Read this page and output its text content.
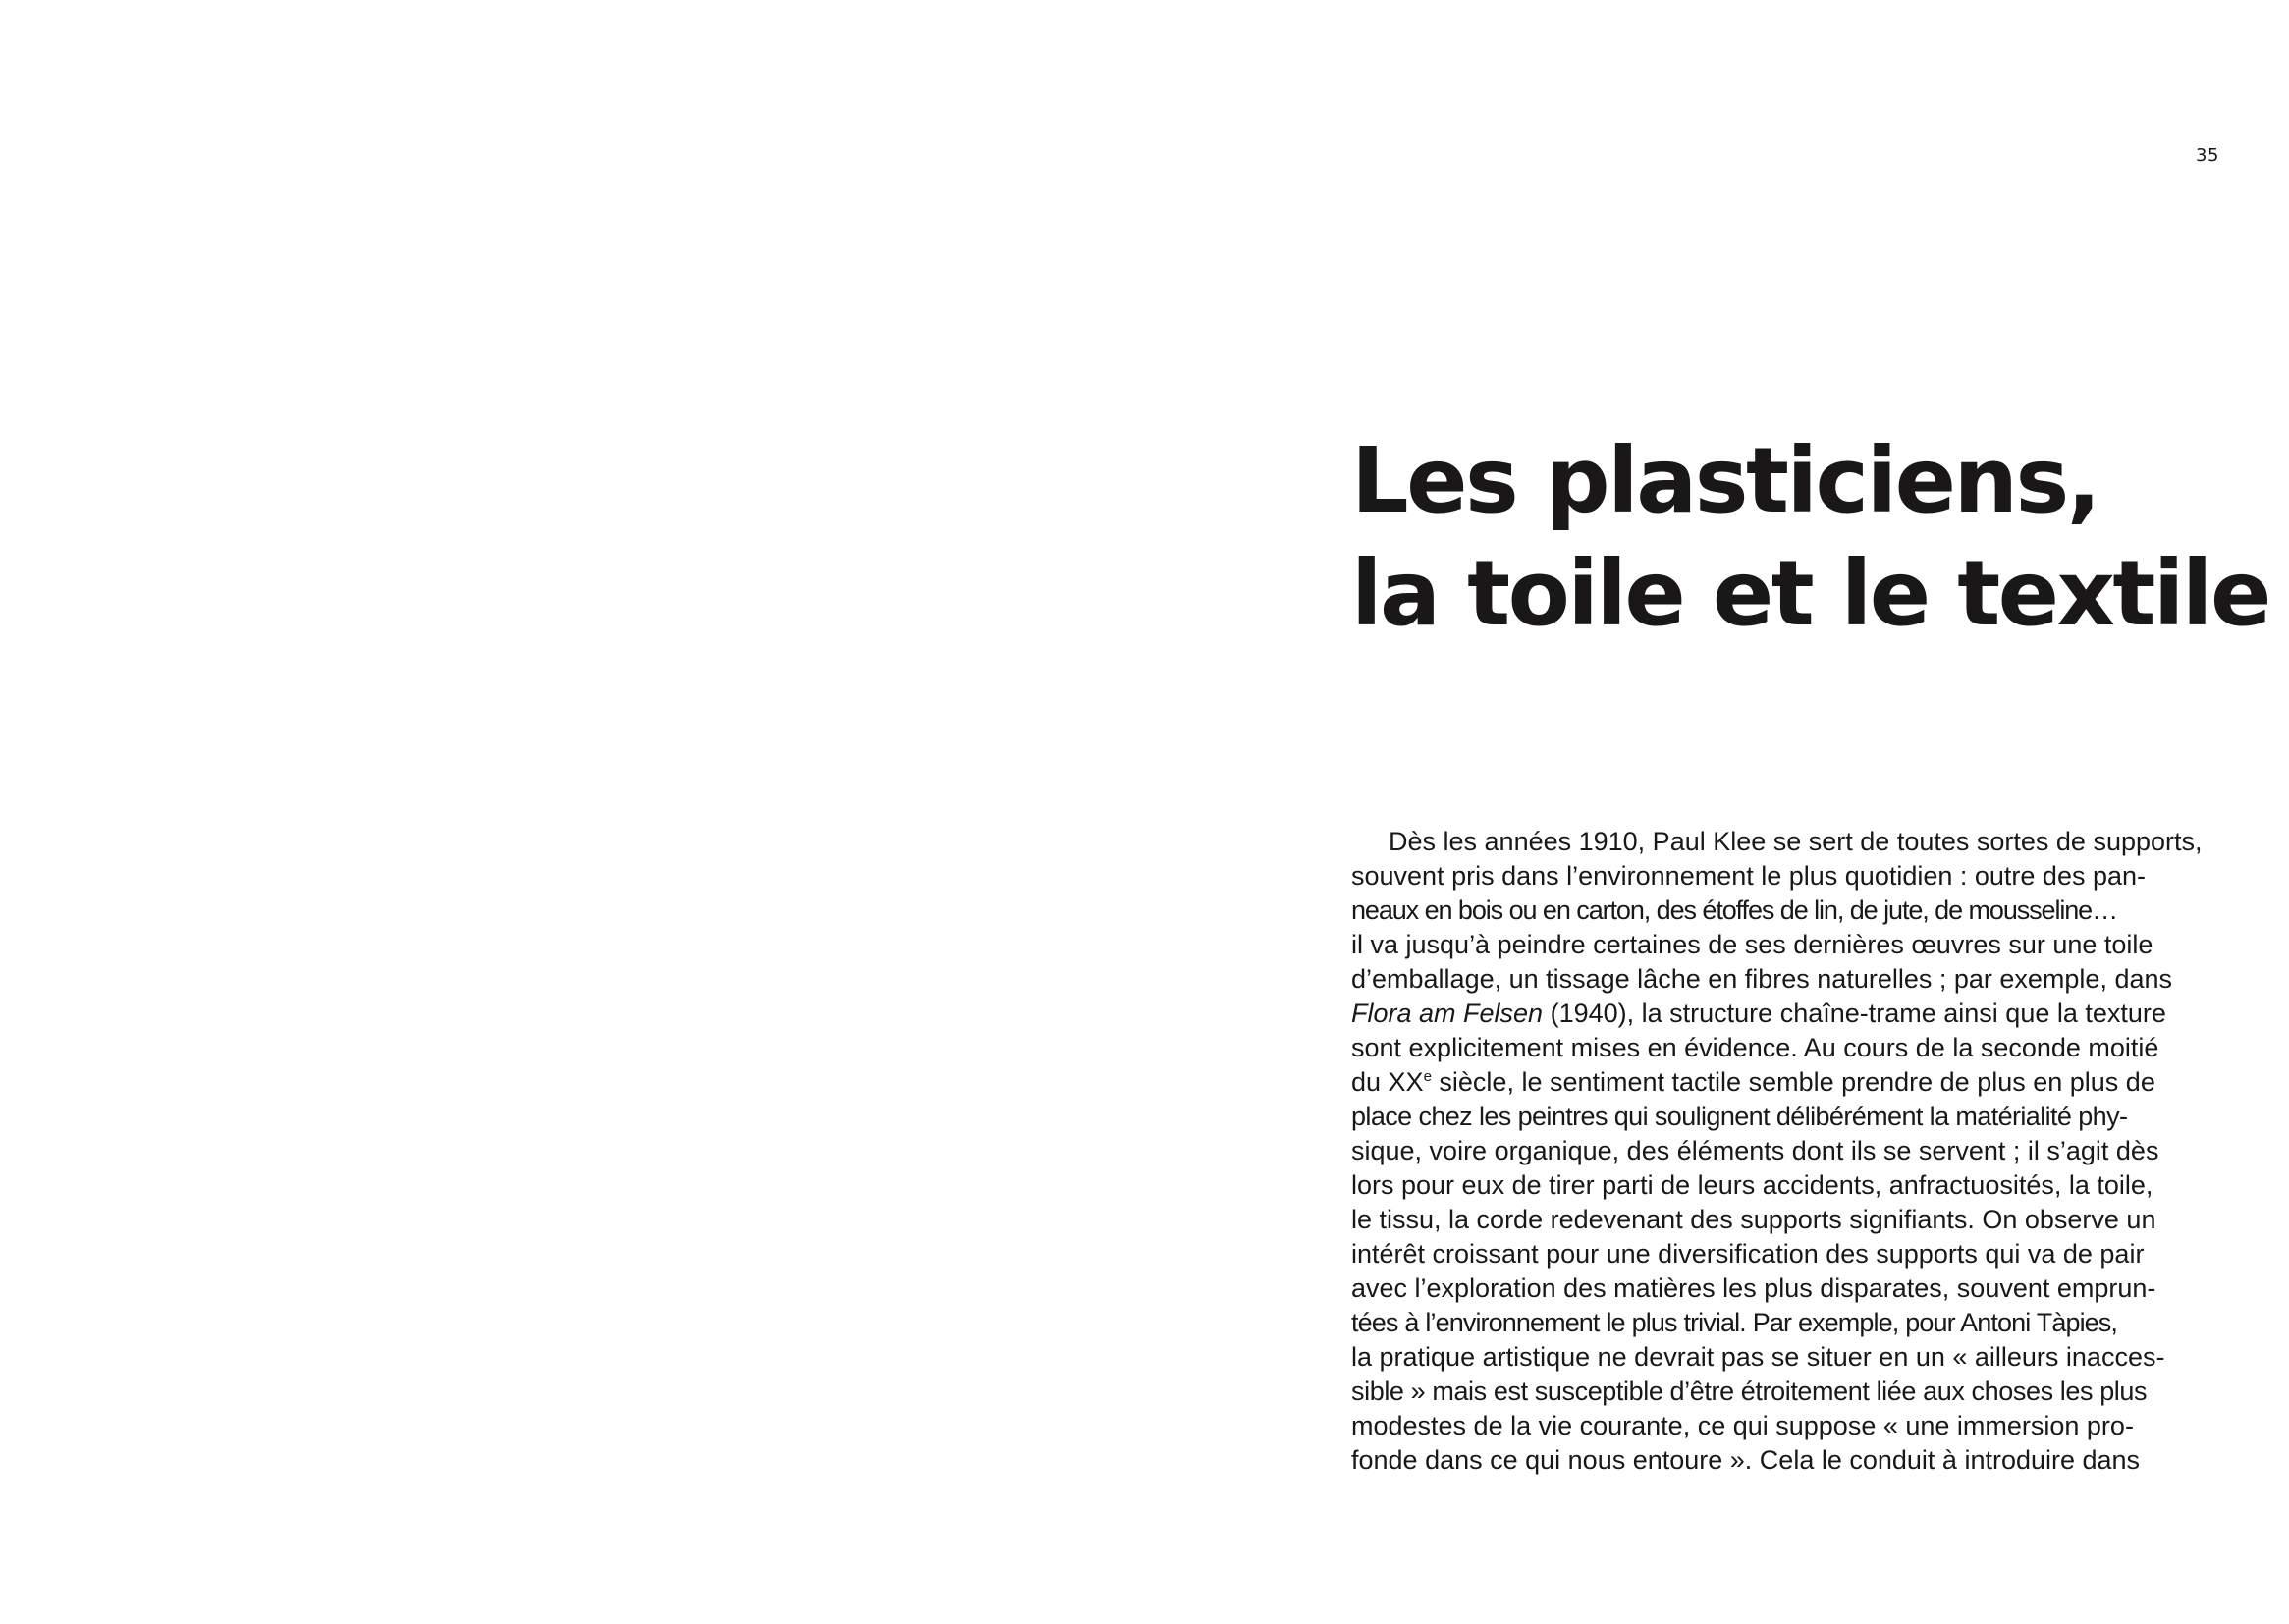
35
Les plasticiens,
la toile et le textile
Dès les années 1910, Paul Klee se sert de toutes sortes de supports,
souvent pris dans l’environnement le plus quotidien : outre des pan-
neaux en bois ou en carton, des étoffes de lin, de jute, de mousseline…
il va jusqu’à peindre certaines de ses dernières œuvres sur une toile
d’emballage, un tissage lâche en fibres naturelles ; par exemple, dans
Flora am Felsen (1940), la structure chaîne-trame ainsi que la texture
sont explicitement mises en évidence. Au cours de la seconde moitié
du XXe siècle, le sentiment tactile semble prendre de plus en plus de
place chez les peintres qui soulignent délibérément la matérialité phy-
sique, voire organique, des éléments dont ils se servent ; il s’agit dès
lors pour eux de tirer parti de leurs accidents, anfractuosités, la toile,
le tissu, la corde redevenant des supports signifiants. On observe un
intérêt croissant pour une diversification des supports qui va de pair
avec l’exploration des matières les plus disparates, souvent emprun-
tées à l’environnement le plus trivial. Par exemple, pour Antoni Tàpies,
la pratique artistique ne devrait pas se situer en un « ailleurs inacces-
sible » mais est susceptible d’être étroitement liée aux choses les plus
modestes de la vie courante, ce qui suppose « une immersion pro-
fonde dans ce qui nous entoure ». Cela le conduit à introduire dans
